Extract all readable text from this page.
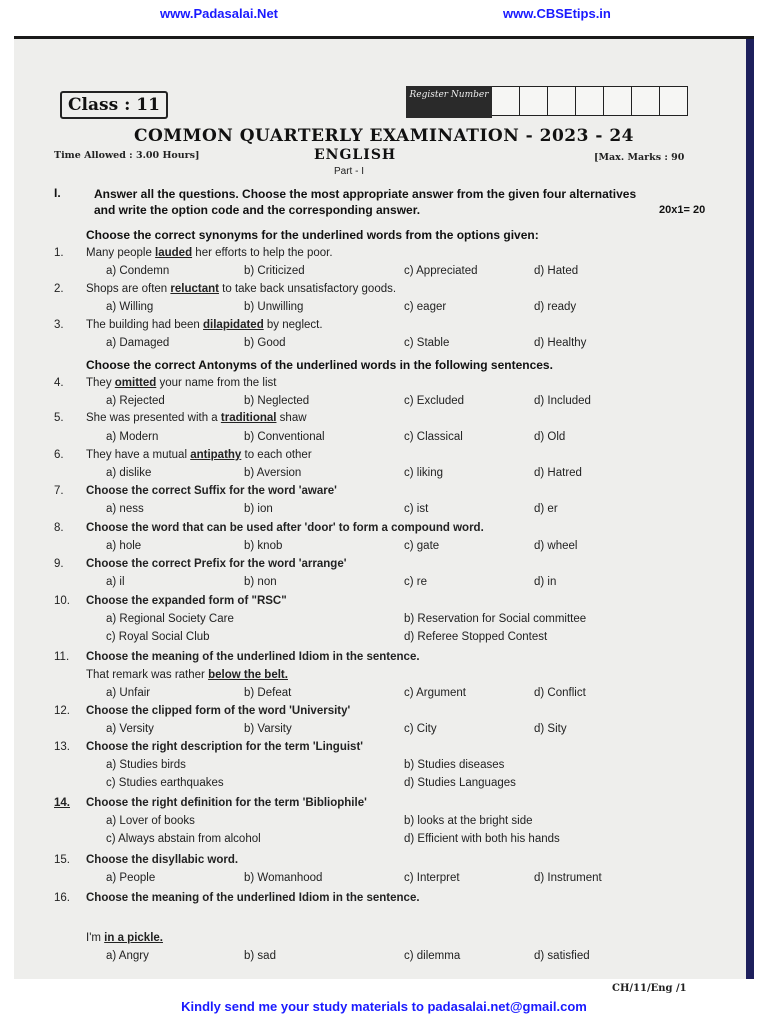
www.Padasalai.Net	www.CBSEtips.in
Class : 11	Register Number
COMMON QUARTERLY EXAMINATION - 2023 - 24
Time Allowed : 3.00 Hours]	ENGLISH	[Max. Marks : 90
Part - I
I.	Answer all the questions. Choose the most appropriate answer from the given four alternatives and write the option code and the corresponding answer.	20x1= 20
Choose the correct synonyms for the underlined words from the options given:
Choose the correct Antonyms of the underlined words in the following sentences.
1.	Many people lauded her efforts to help the poor.
a) Condemn	b) Criticized	c) Appreciated	d) Hated
2.	Shops are often reluctant to take back unsatisfactory goods.
a) Willing	b) Unwilling	c) eager	d) ready
3.	The building had been dilapidated by neglect.
a) Damaged	b) Good	c) Stable	d) Healthy
4.	They omitted your name from the list
a) Rejected	b) Neglected	c) Excluded	d) Included
5.	She was presented with a traditional shaw
a) Modern	b) Conventional	c) Classical	d) Old
6.	They have a mutual antipathy to each other
a) dislike	b) Aversion	c) liking	d) Hatred
7.	Choose the correct Suffix for the word 'aware'
a) ness	b) ion	c) ist	d) er
8.	Choose the word that can be used after 'door' to form a compound word.
a) hole	b) knob	c) gate	d) wheel
9.	Choose the correct Prefix for the word 'arrange'
a) il	b) non	c) re	d) in
10.	Choose the expanded form of "RSC"
a) Regional Society Care	b) Reservation for Social committee
c) Royal Social Club	d) Referee Stopped Contest
11.	Choose the meaning of the underlined Idiom in the sentence.
That remark was rather below the belt.
a) Unfair	b) Defeat	c) Argument	d) Conflict
12.	Choose the clipped form of the word 'University'
a) Versity	b) Varsity	c) City	d) Sity
13.	Choose the right description for the term 'Linguist'
a) Studies birds	b) Studies diseases
c) Studies earthquakes	d) Studies Languages
14.	Choose the right definition for the term 'Bibliophile'
a) Lover of books	b) looks at the bright side
c) Always abstain from alcohol	d) Efficient with both his hands
15.	Choose the disyllabic word.
a) People	b) Womanhood	c) Interpret	d) Instrument
16.	Choose the meaning of the underlined Idiom in the sentence.
I'm in a pickle.
a) Angry	b) sad	c) dilemma	d) satisfied
CH/11/Eng /1
Kindly send me your study materials to padasalai.net@gmail.com
